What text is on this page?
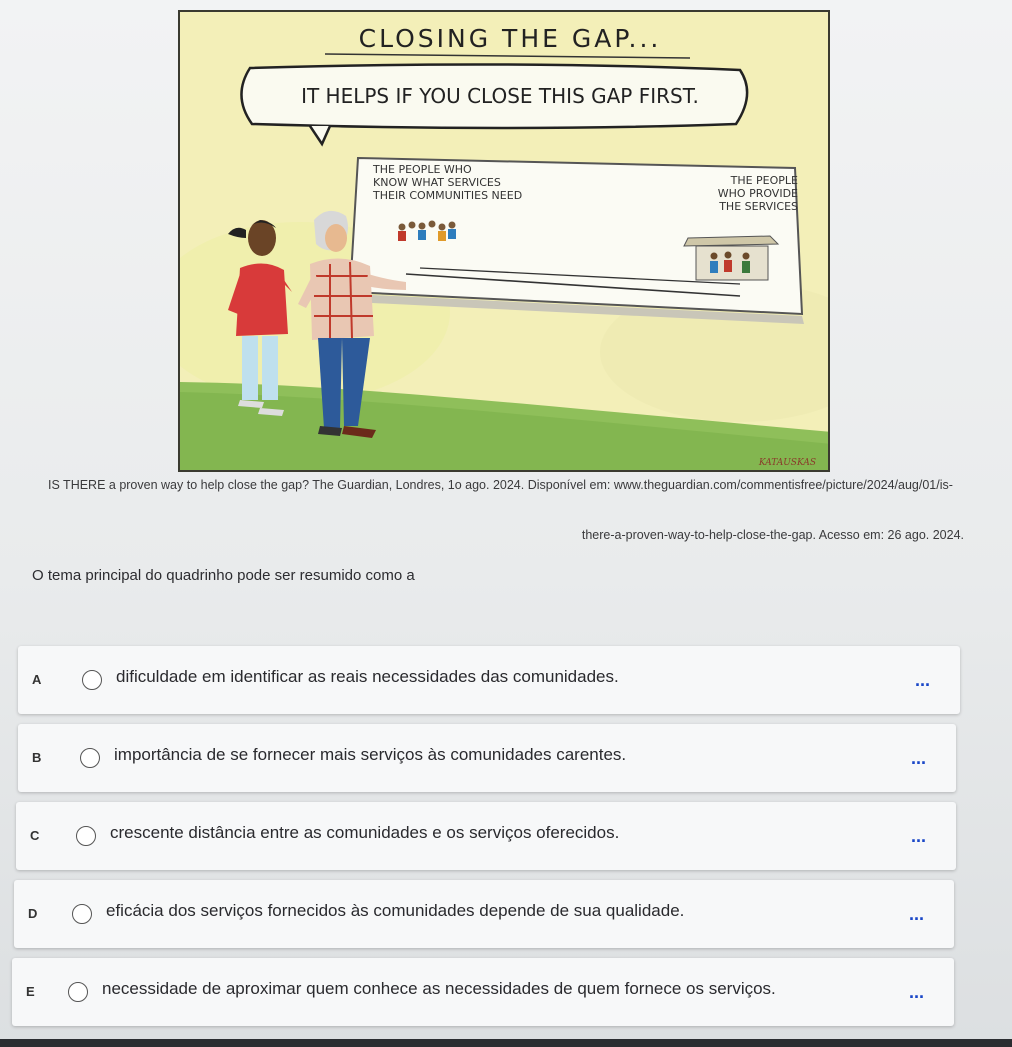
CLOSING THE GAP...
IT HELPS IF YOU CLOSE THIS GAP FIRST.
THE PEOPLE WHO
KNOW WHAT SERVICES
THEIR COMMUNITIES NEED
THE PEOPLE
WHO PROVIDE
THE SERVICES
KATAUSKAS
IS THERE a proven way to help close the gap? The Guardian, Londres, 1o ago. 2024. Disponível em: www.theguardian.com/commentisfree/picture/2024/aug/01/is-
there-a-proven-way-to-help-close-the-gap. Acesso em: 26 ago. 2024.
O tema principal do quadrinho pode ser resumido como a
A	dificuldade em identificar as reais necessidades das comunidades.	...
B	importância de se fornecer mais serviços às comunidades carentes.	...
C	crescente distância entre as comunidades e os serviços oferecidos.	...
D	eficácia dos serviços fornecidos às comunidades depende de sua qualidade.	...
E	necessidade de aproximar quem conhece as necessidades de quem fornece os serviços.	...
